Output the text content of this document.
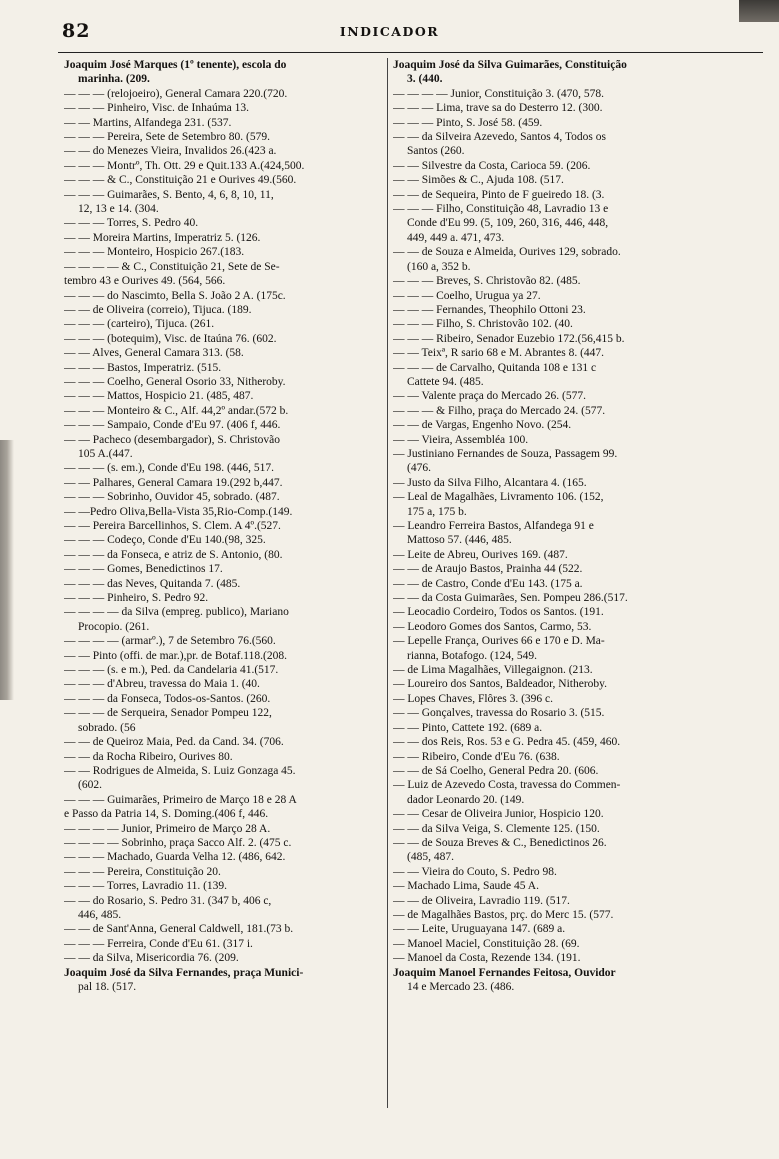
82	INDICADOR
Joaquim José Marques (1º tenente), escola do
marinha. (209.
— — — (relojoeiro), General Camara 220.(720.
— — — Pinheiro, Visc. de Inhaúma 13.
— — Martins, Alfandega 231. (537.
— — — Pereira, Sete de Setembro 80. (579.
— — do Menezes Vieira, Invalidos 26.(423 a.
— — — Montrº, Th. Ott. 29 e Quit.133 A.(424,500.
— — — & C., Constituição 21 e Ourives 49.(560.
— — — Guimarães, S. Bento, 4, 6, 8, 10, 11,
12, 13 e 14. (304.
— — — Torres, S. Pedro 40.
— — Moreira Martins, Imperatriz 5. (126.
— — — Monteiro, Hospicio 267.(183.
— — — — & C., Constituição 21, Sete de Se-
tembro 43 e Ourives 49. (564, 566.
— — — do Nascimto, Bella S. João 2 A. (175c.
— — de Oliveira (correio), Tijuca. (189.
— — — (carteiro), Tijuca. (261.
— — — (botequim), Visc. de Itaúna 76. (602.
— — Alves, General Camara 313. (58.
— — — Bastos, Imperatriz. (515.
— — — Coelho, General Osorio 33, Nitheroby.
— — — Mattos, Hospicio 21. (485, 487.
— — — Monteiro & C., Alf. 44,2º andar.(572 b.
— — — Sampaio, Conde d'Eu 97. (406 f, 446.
— — Pacheco (desembargador), S. Christovão
105 A.(447.
— — — (s. em.), Conde d'Eu 198. (446, 517.
— — Palhares, General Camara 19.(292 b,447.
— — — Sobrinho, Ouvidor 45, sobrado. (487.
— —Pedro Oliva,Bella-Vista 35,Rio-Comp.(149.
— — Pereira Barcellinhos, S. Clem. A 4º.(527.
— — — Codeço, Conde d'Eu 140.(98, 325.
— — — da Fonseca, e atriz de S. Antonio, (80.
— — — Gomes, Benedictinos 17.
— — — das Neves, Quitanda 7. (485.
— — — Pinheiro, S. Pedro 92.
— — — — da Silva (empreg. publico), Mariano
Procopio. (261.
— — — — (armarº.), 7 de Setembro 76.(560.
— — Pinto (offi. de mar.),pr. de Botaf.118.(208.
— — — (s. e m.), Ped. da Candelaria 41.(517.
— — — d'Abreu, travessa do Maia 1. (40.
— — — da Fonseca, Todos-os-Santos. (260.
— — — de Serqueira, Senador Pompeu 122,
sobrado. (56
— — de Queiroz Maia, Ped. da Cand. 34. (706.
— — da Rocha Ribeiro, Ourives 80.
— — Rodrigues de Almeida, S. Luiz Gonzaga 45.
(602.
— — — Guimarães, Primeiro de Março 18 e 28 A
e Passo da Patria 14, S. Doming.(406 f, 446.
— — — — Junior, Primeiro de Março 28 A.
— — — — Sobrinho, praça Sacco Alf. 2. (475 c.
— — — Machado, Guarda Velha 12. (486, 642.
— — — Pereira, Constituição 20.
— — — Torres, Lavradio 11. (139.
— — do Rosario, S. Pedro 31. (347 b, 406 c,
446, 485.
— — de Sant'Anna, General Caldwell, 181.(73 b.
— — — Ferreira, Conde d'Eu 61. (317 i.
— — da Silva, Misericordia 76. (209.
Joaquim José da Silva Fernandes, praça Munici-
pal 18. (517.
Joaquim José da Silva Guimarães, Constituição
3. (440.
— — — — Junior, Constituição 3. (470, 578.
— — — Lima, trave sa do Desterro 12. (300.
— — — Pinto, S. José 58. (459.
— — da Silveira Azevedo, Santos 4, Todos os
Santos (260.
— — Silvestre da Costa, Carioca 59. (206.
— — Simões & C., Ajuda 108. (517.
— — de Sequeira, Pinto de F gueiredo 18. (3.
— — — Filho, Constituição 48, Lavradio 13 e
Conde d'Eu 99. (5, 109, 260, 316, 446, 448,
449, 449 a. 471, 473.
— — de Souza e Almeida, Ourives 129, sobrado.
(160 a, 352 b.
— — — Breves, S. Christovão 82. (485.
— — — Coelho, Urugua ya 27.
— — — Fernandes, Theophilo Ottoni 23.
— — — Filho, S. Christovão 102. (40.
— — — Ribeiro, Senador Euzebio 172.(56,415 b.
— — Teixª, R sario 68 e M. Abrantes 8. (447.
— — — de Carvalho, Quitanda 108 e 131 c
Cattete 94. (485.
— — Valente praça do Mercado 26. (577.
— — — & Filho, praça do Mercado 24. (577.
— — de Vargas, Engenho Novo. (254.
— — Vieira, Assembléa 100.
— Justiniano Fernandes de Souza, Passagem 99.
(476.
— Justo da Silva Filho, Alcantara 4. (165.
— Leal de Magalhães, Livramento 106. (152,
175 a, 175 b.
— Leandro Ferreira Bastos, Alfandega 91 e
Mattoso 57. (446, 485.
— Leite de Abreu, Ourives 169. (487.
— — de Araujo Bastos, Prainha 44 (522.
— — de Castro, Conde d'Eu 143. (175 a.
— — da Costa Guimarães, Sen. Pompeu 286.(517.
— Leocadio Cordeiro, Todos os Santos. (191.
— Leodoro Gomes dos Santos, Carmo, 53.
— Lepelle França, Ourives 66 e 170 e D. Ma-
rianna, Botafogo. (124, 549.
— de Lima Magalhães, Villegaignon. (213.
— Loureiro dos Santos, Baldeador, Nitheroby.
— Lopes Chaves, Flôres 3. (396 c.
— — Gonçalves, travessa do Rosario 3. (515.
— — Pinto, Cattete 192. (689 a.
— — dos Reis, Ros. 53 e G. Pedra 45. (459, 460.
— — Ribeiro, Conde d'Eu 76. (638.
— — de Sá Coelho, General Pedra 20. (606.
— Luiz de Azevedo Costa, travessa do Commen-
dador Leonardo 20. (149.
— — Cesar de Oliveira Junior, Hospicio 120.
— — da Silva Veiga, S. Clemente 125. (150.
— — de Souza Breves & C., Benedictinos 26.
(485, 487.
— — Vieira do Couto, S. Pedro 98.
— Machado Lima, Saude 45 A.
— — de Oliveira, Lavradio 119. (517.
— de Magalhães Bastos, prç. do Merc 15. (577.
— — Leite, Uruguayana 147. (689 a.
— Manoel Maciel, Constituição 28. (69.
— Manoel da Costa, Rezende 134. (191.
Joaquim Manoel Fernandes Feitosa, Ouvidor
14 e Mercado 23. (486.
